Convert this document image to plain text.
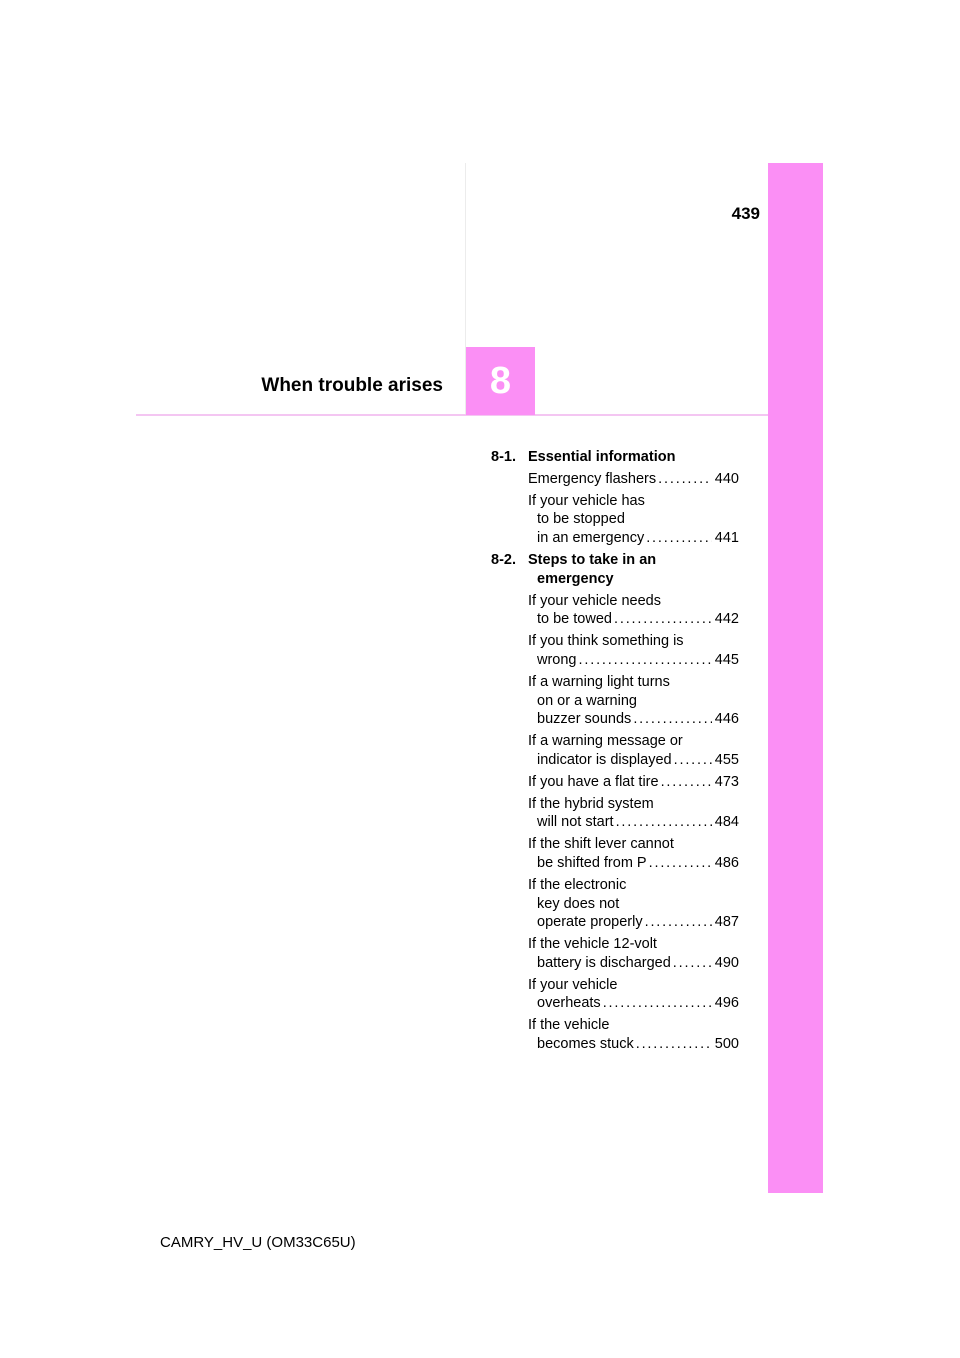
439
8
When trouble arises
8-1. Essential information
Emergency flashers . . .	440
If your vehicle has
to be stopped
in an emergency . . .	441
8-2. Steps to take in an
emergency
If your vehicle needs
to be towed . . .	442
If you think something is
wrong . . .	445
If a warning light turns
on or a warning
buzzer sounds . . .	446
If a warning message or
indicator is displayed . . .	455
If you have a flat tire . . .	473
If the hybrid system
will not start . . .	484
If the shift lever cannot
be shifted from P . . .	486
If the electronic
key does not
operate properly . . .	487
If the vehicle 12-volt
battery is discharged . . .	490
If your vehicle
overheats . . .	496
If the vehicle
becomes stuck . . .	500
CAMRY_HV_U (OM33C65U)
